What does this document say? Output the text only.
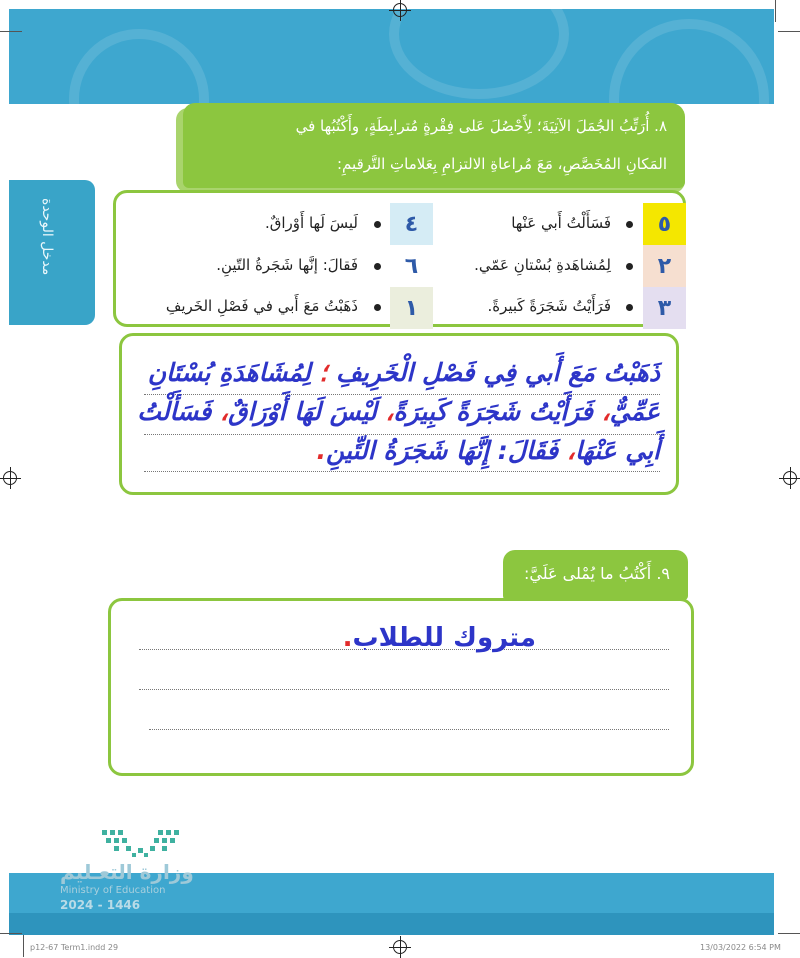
مدخل الوحدة
٨. أُرَتِّبُ الجُمَلَ الآتِيَةَ؛ لِأَحْصُلَ عَلى فِقْرةٍ مُترابِطَةٍ، وأَكْتُبُها في
المَكانِ المُخَصَّصِ، مَعَ مُراعاةِ الالتزامِ بِعَلاماتِ التَّرقيمِ:
٥
٢
٣
فَسَأَلْتُ أَبي عَنْها
لِمُشاهَدةِ بُسْتانِ عَمّي.
فَرَأَيْتُ شَجَرَةً كَبيرةً.
٤
٦
١
لَيسَ لَها أَوْراقٌ.
فَقالَ: إنَّها شَجَرةُ التّينِ.
ذَهَبْتُ مَعَ أَبي في فَصْلِ الخَريفِ
ذَهَبْتُ مَعَ أَبي فِي فَصْلِ الْخَرِيفِ ؛ لِمُشَاهَدَةِ بُسْتَانِ
عَمِّيٌّ، فَرَأَيْتُ شَجَرَةً كَبِيرَةً، لَيْسَ لَهَا أَوْرَاقٌ، فَسَأَلْتُ
أَبِي عَنْهَا، فَقَالَ: إِنَّهَا شَجَرَةُ التِّينِ.
٩. أَكْتُبُ ما يُمْلى عَلَيَّ:
متروك للطلاب.
وزارة التعـليم
Ministry of Education
2024 - 1446
p12-67 Term1.indd 29	13/03/2022 6:54 PM
